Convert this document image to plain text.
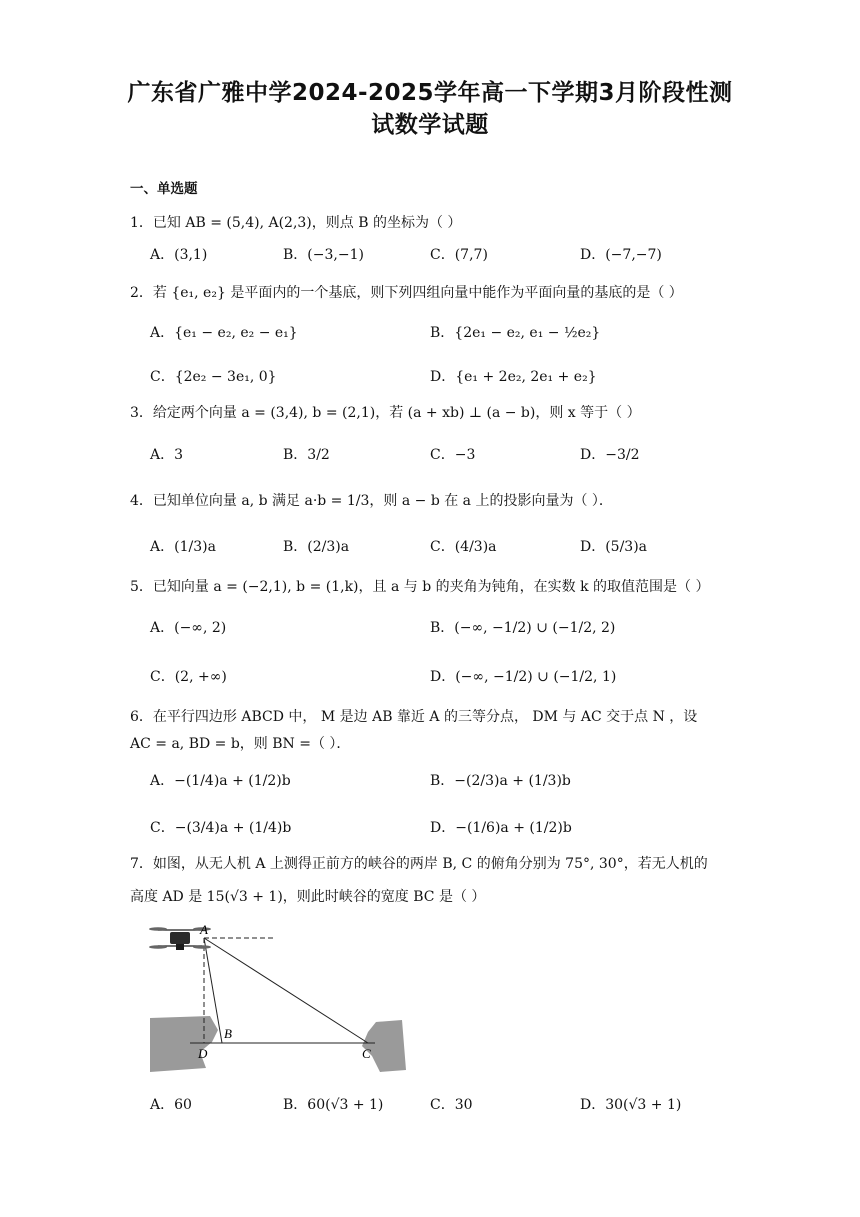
广东省广雅中学2024-2025学年高一下学期3月阶段性测
试数学试题
一、单选题
1．已知 AB = (5,4), A(2,3)，则点 B 的坐标为（ ）
A．(3,1)	B．(−3,−1)	C．(7,7)	D．(−7,−7)
2．若 {e₁, e₂} 是平面内的一个基底，则下列四组向量中能作为平面向量的基底的是（ ）
A．{e₁ − e₂, e₂ − e₁}	B．{2e₁ − e₂, e₁ − ½e₂}
C．{2e₂ − 3e₁, 0}	D．{e₁ + 2e₂, 2e₁ + e₂}
3．给定两个向量 a = (3,4), b = (2,1)，若 (a + xb) ⊥ (a − b)，则 x 等于（ ）
A．3	B．3/2	C．−3	D．−3/2
4．已知单位向量 a, b 满足 a·b = 1/3，则 a − b 在 a 上的投影向量为（ ）．
A．(1/3)a	B．(2/3)a	C．(4/3)a	D．(5/3)a
5．已知向量 a = (−2,1), b = (1,k)，且 a 与 b 的夹角为钝角，在实数 k 的取值范围是（ ）
A．(−∞, 2)	B．(−∞, −1/2) ∪ (−1/2, 2)
C．(2, +∞)	D．(−∞, −1/2) ∪ (−1/2, 1)
6．在平行四边形 ABCD 中， M 是边 AB 靠近 A 的三等分点， DM 与 AC 交于点 N ，设
AC = a, BD = b，则 BN =（ ）．
A．−(1/4)a + (1/2)b	B．−(2/3)a + (1/3)b
C．−(3/4)a + (1/4)b	D．−(1/6)a + (1/2)b
7．如图，从无人机 A 上测得正前方的峡谷的两岸 B, C 的俯角分别为 75°, 30°，若无人机的
高度 AD 是 15(√3 + 1)，则此时峡谷的宽度 BC 是（ ）
A
B
C
D
A．60	B．60(√3 + 1)	C．30	D．30(√3 + 1)
